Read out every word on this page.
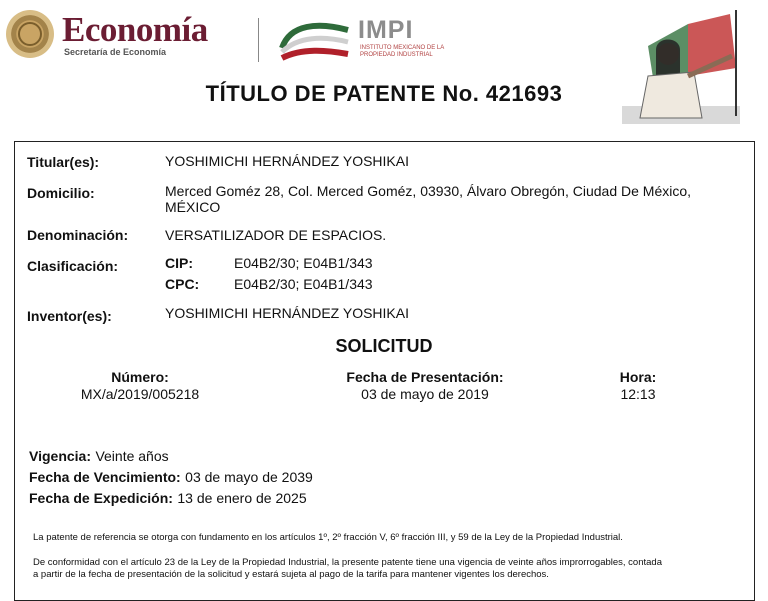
Economía
Secretaría de Economía
IMPI
INSTITUTO MEXICANO DE LA PROPIEDAD INDUSTRIAL
TÍTULO DE PATENTE No. 421693
Titular(es):	YOSHIMICHI HERNÁNDEZ YOSHIKAI
Domicilio:	Merced Goméz 28, Col. Merced Goméz, 03930, Álvaro Obregón, Ciudad De México,
MÉXICO
Denominación:	VERSATILIZADOR DE ESPACIOS.
Clasificación:	CIP:	E04B2/30; E04B1/343
CPC: E04B2/30; E04B1/343
Inventor(es):	YOSHIMICHI HERNÁNDEZ YOSHIKAI
SOLICITUD
Número:
MX/a/2019/005218
Fecha de Presentación:
03 de mayo de 2019
Hora:
12:13
Vigencia: Veinte años
Fecha de Vencimiento: 03 de mayo de 2039
Fecha de Expedición: 13 de enero de 2025
La patente de referencia se otorga con fundamento en los artículos 1º, 2º fracción V, 6º fracción III, y 59 de la Ley de la Propiedad Industrial.
De conformidad con el artículo 23 de la Ley de la Propiedad Industrial, la presente patente tiene una vigencia de veinte años improrrogables, contada
a partir de la fecha de presentación de la solicitud y estará sujeta al pago de la tarifa para mantener vigentes los derechos.
